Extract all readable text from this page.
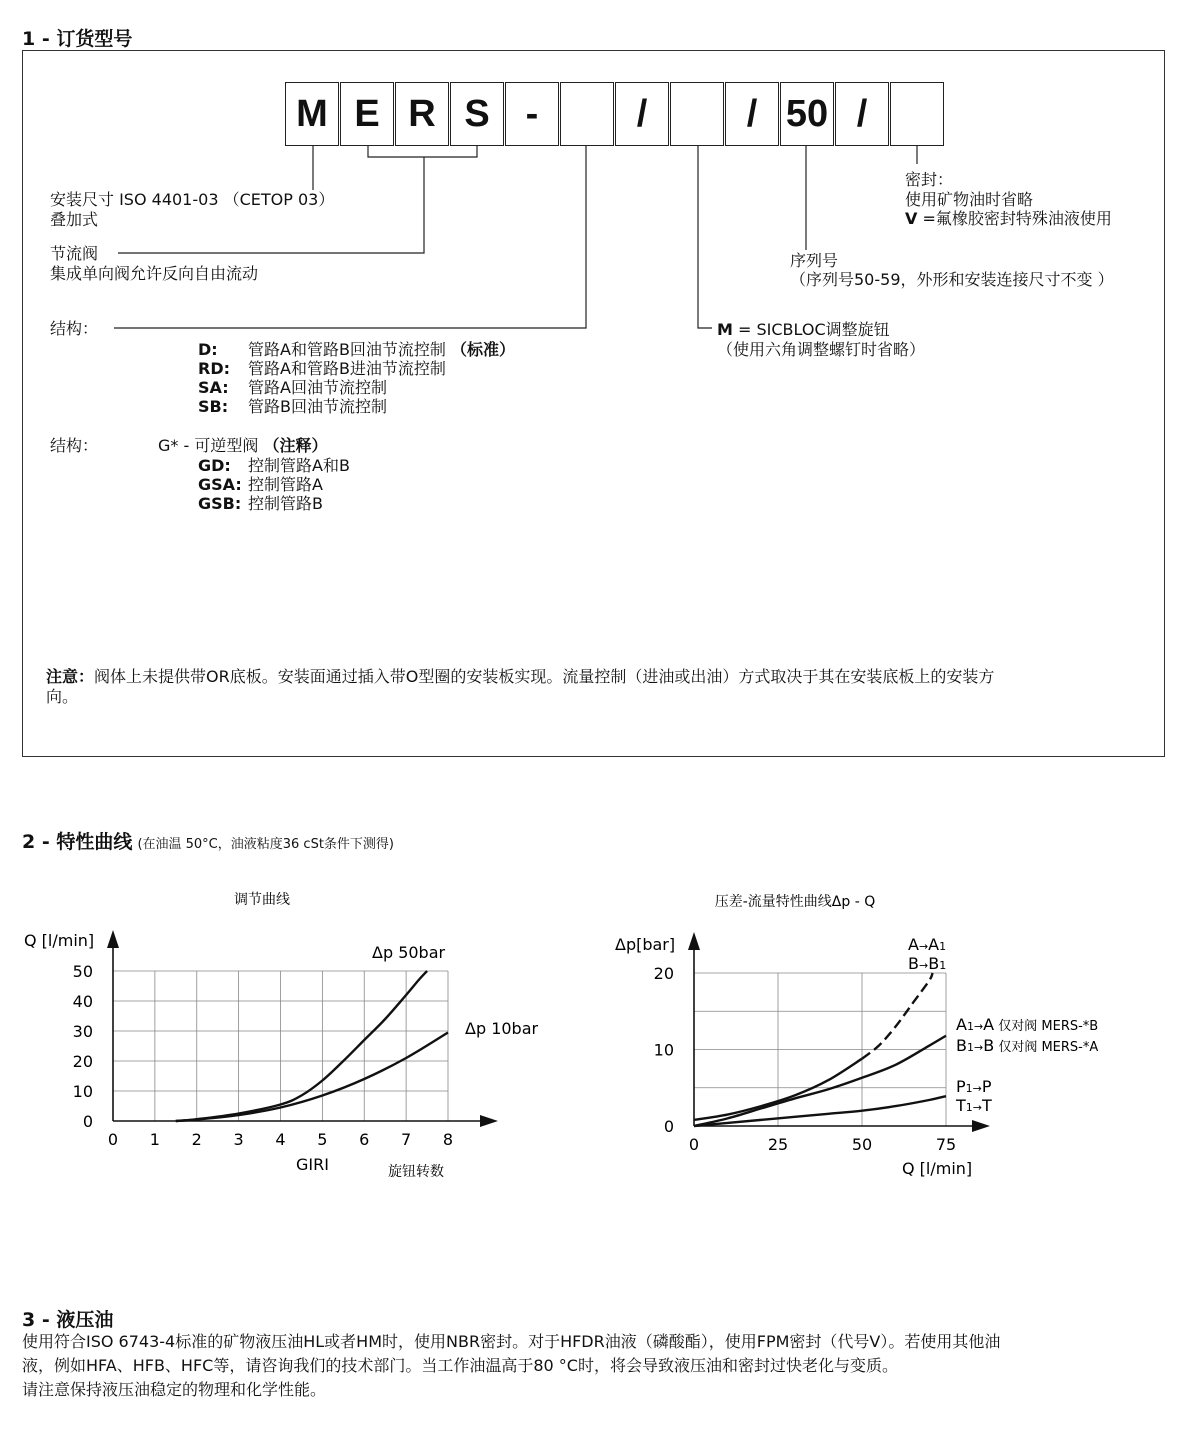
1 - 订货型号
M E R S -	/	/ 50 /
安装尺寸 ISO 4401-03 （CETOP 03）
叠加式
节流阀
集成单向阀允许反向自由流动
结构：
D: 管路A和管路B回油节流控制 （标准）
RD: 管路A和管路B进油节流控制
SA: 管路A回油节流控制
SB: 管路B回油节流控制
结构：	G* - 可逆型阀 （注释）
GD: 控制管路A和B
GSA: 控制管路A
GSB: 控制管路B
密封：
使用矿物油时省略
V =氟橡胶密封特殊油液使用
序列号
（序列号50-59，外形和安装连接尺寸不变 ）
M = SICBLOC调整旋钮
（使用六角调整螺钉时省略）
注意：阀体上未提供带OR底板。安装面通过插入带O型圈的安装板实现。流量控制（进油或出油）方式取决于其在安装底板上的安装方
向。
2 - 特性曲线 (在油温 50°C，油液粘度36 cSt条件下测得)
0 1 2 3 4 5 6 7 8
0
10
20
30
40
50
调节曲线
Q [l/min]
GIRI	旋钮转数
Δp 50bar
Δp 10bar
0	25	50	75
0
10
20
压差-流量特性曲线Δp - Q
Δp[bar]
Q [l/min]
A→A1
B→B1
A1→A 仅对阀 MERS-*B
B1→B 仅对阀 MERS-*A
P1→P
T1→T
3 - 液压油
使用符合ISO 6743-4标准的矿物液压油HL或者HM时，使用NBR密封。对于HFDR油液（磷酸酯），使用FPM密封（代号V）。若使用其他油
液，例如HFA、HFB、HFC等，请咨询我们的技术部门。当工作油温高于80 °C时，将会导致液压油和密封过快老化与变质。
请注意保持液压油稳定的物理和化学性能。
